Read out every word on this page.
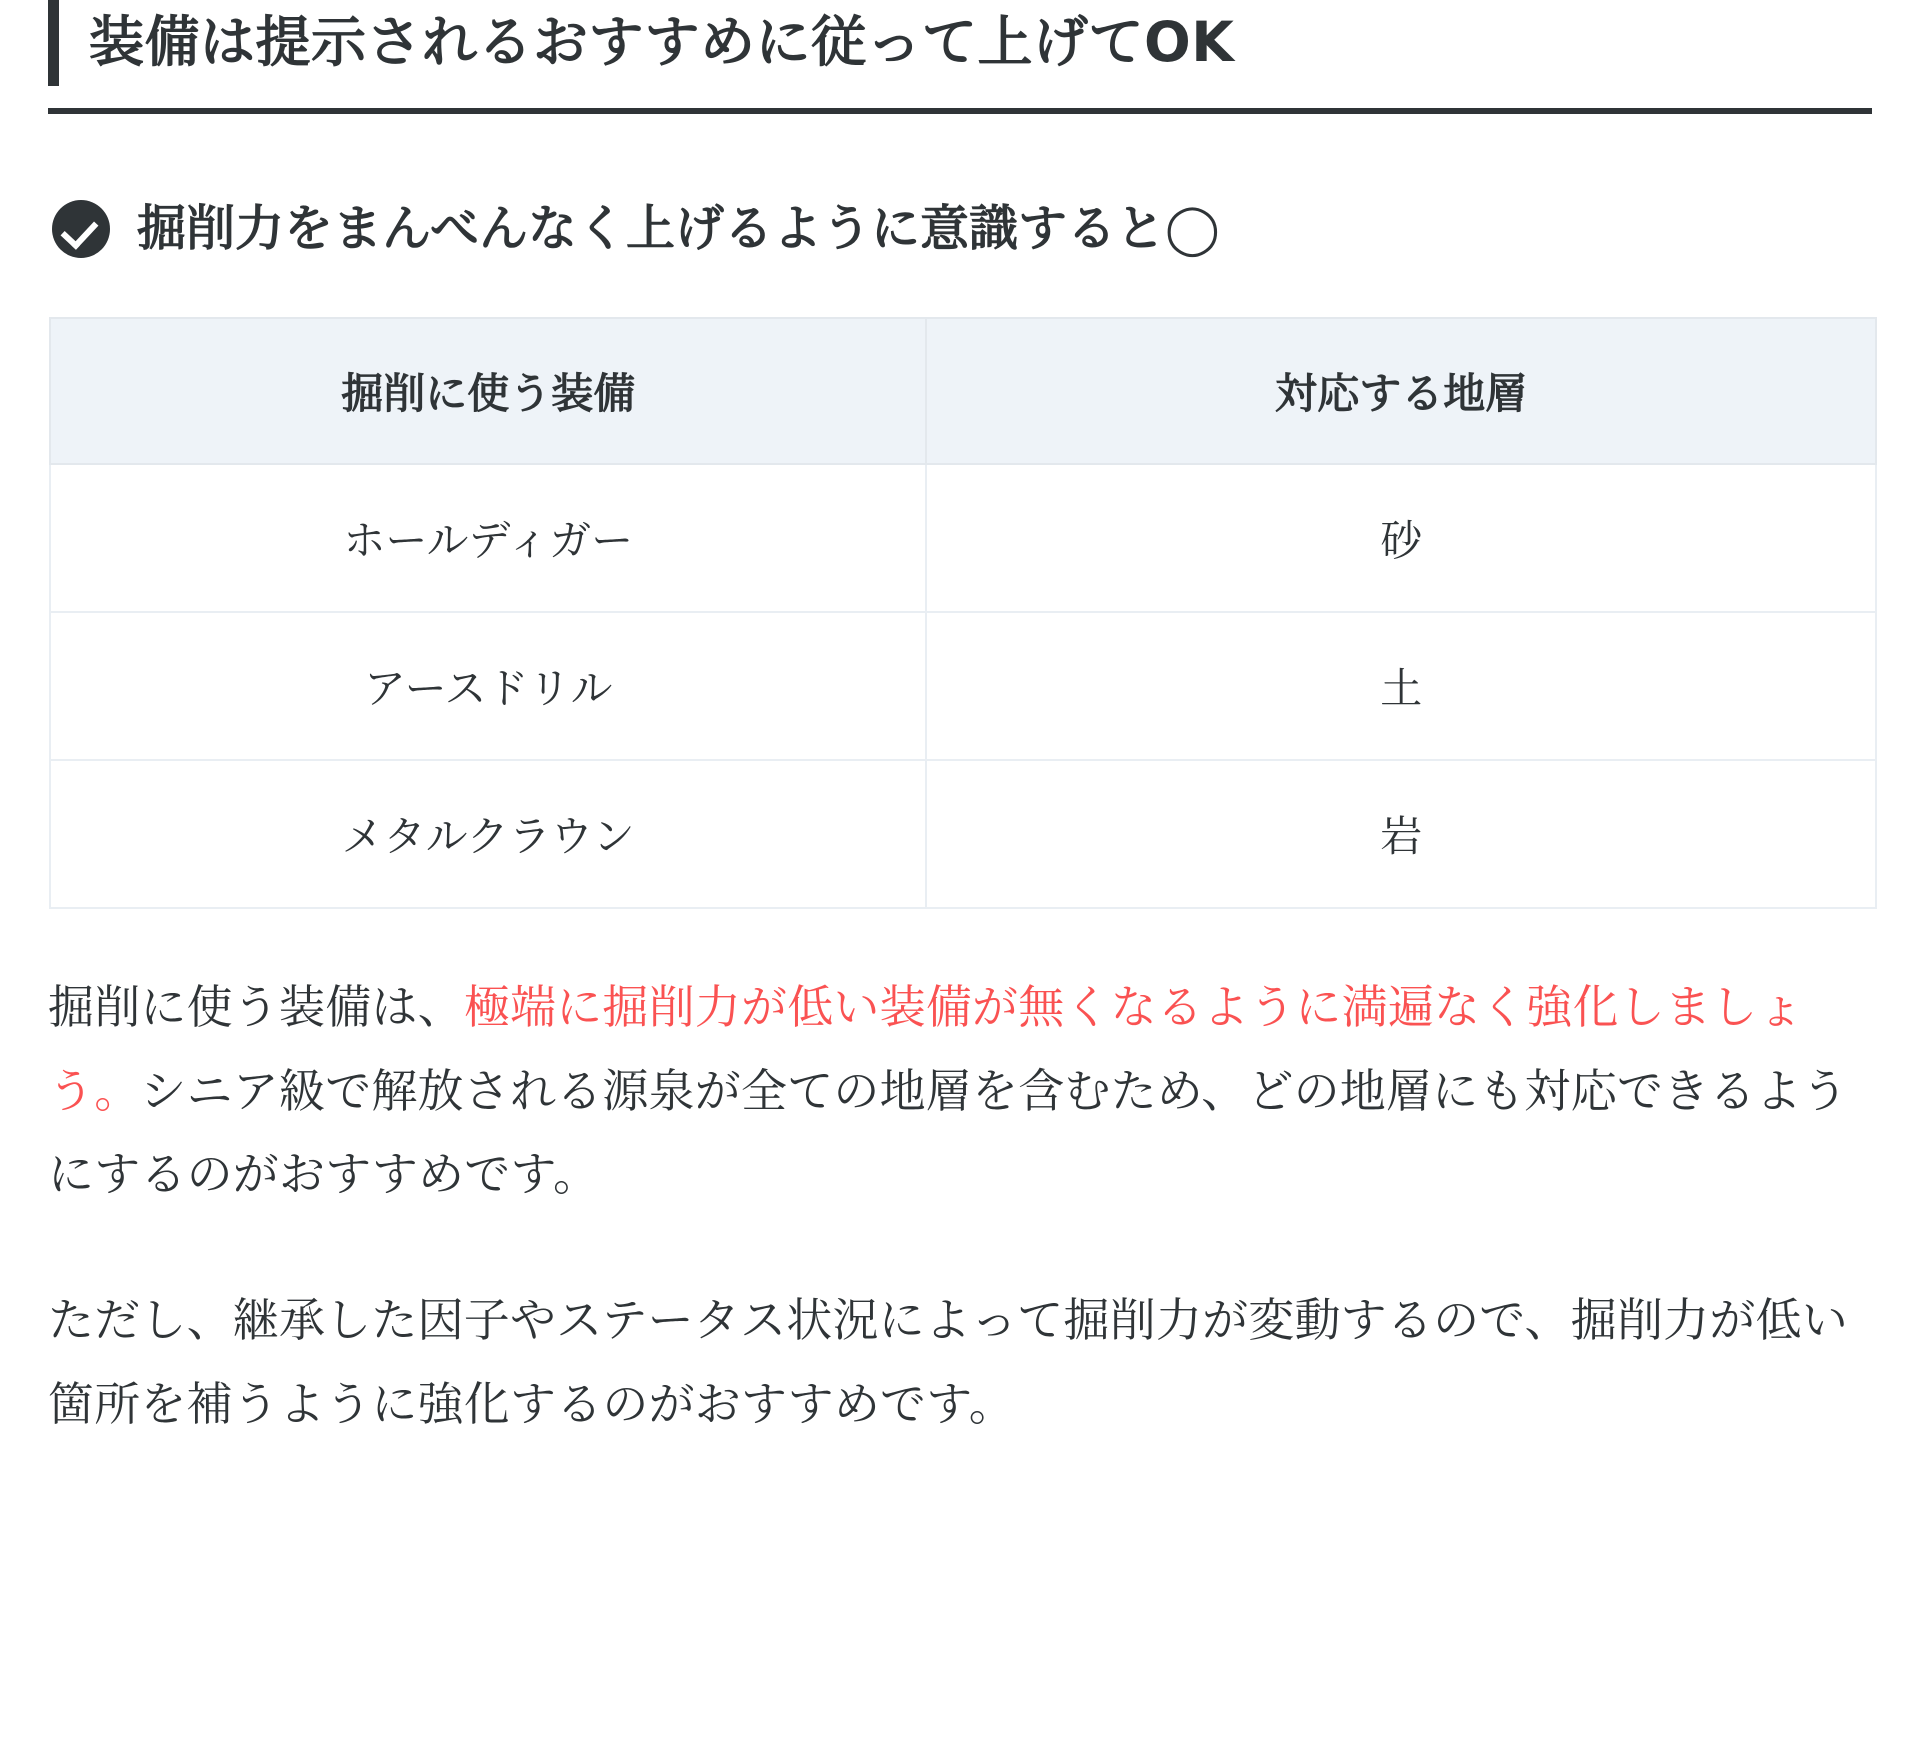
装備は提示されるおすすめに従って上げてOK
掘削力をまんべんなく上げるように意識すると◯
掘削に使う装備	対応する地層
ホールディガー	砂
アースドリル	土
メタルクラウン	岩

掘削に使う装備は、極端に掘削力が低い装備が無くなるように満遍なく強化しましょう。シニア級で解放される源泉が全ての地層を含むため、どの地層にも対応できるようにするのがおすすめです。

ただし、継承した因子やステータス状況によって掘削力が変動するので、掘削力が低い箇所を補うように強化するのがおすすめです。
